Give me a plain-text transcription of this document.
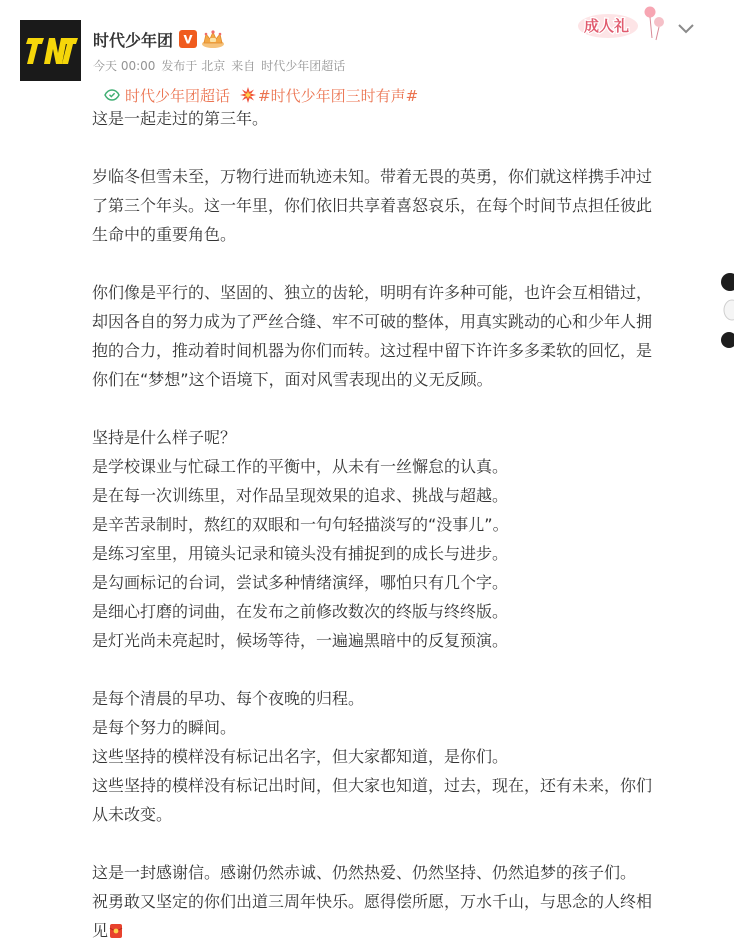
时代少年团
今天 00:00 发布于 北京 来自 时代少年团超话
成人礼
时代少年团超话 #时代少年团三时有声#
这是一起走过的第三年。
岁临冬但雪未至，万物行进而轨迹未知。带着无畏的英勇，你们就这样携手冲过
了第三个年头。这一年里，你们依旧共享着喜怒哀乐，在每个时间节点担任彼此
生命中的重要角色。
你们像是平行的、坚固的、独立的齿轮，明明有许多种可能，也许会互相错过，
却因各自的努力成为了严丝合缝、牢不可破的整体，用真实跳动的心和少年人拥
抱的合力，推动着时间机器为你们而转。这过程中留下许许多多柔软的回忆，是
你们在“梦想”这个语境下，面对风雪表现出的义无反顾。
坚持是什么样子呢？
是学校课业与忙碌工作的平衡中，从未有一丝懈怠的认真。
是在每一次训练里，对作品呈现效果的追求、挑战与超越。
是辛苦录制时，熬红的双眼和一句句轻描淡写的“没事儿”。
是练习室里，用镜头记录和镜头没有捕捉到的成长与进步。
是勾画标记的台词，尝试多种情绪演绎，哪怕只有几个字。
是细心打磨的词曲，在发布之前修改数次的终版与终终版。
是灯光尚未亮起时，候场等待，一遍遍黑暗中的反复预演。
是每个清晨的早功、每个夜晚的归程。
是每个努力的瞬间。
这些坚持的模样没有标记出名字，但大家都知道，是你们。
这些坚持的模样没有标记出时间，但大家也知道，过去，现在，还有未来，你们
从未改变。
这是一封感谢信。感谢仍然赤诚、仍然热爱、仍然坚持、仍然追梦的孩子们。
祝勇敢又坚定的你们出道三周年快乐。愿得偿所愿，万水千山，与思念的人终相
见
